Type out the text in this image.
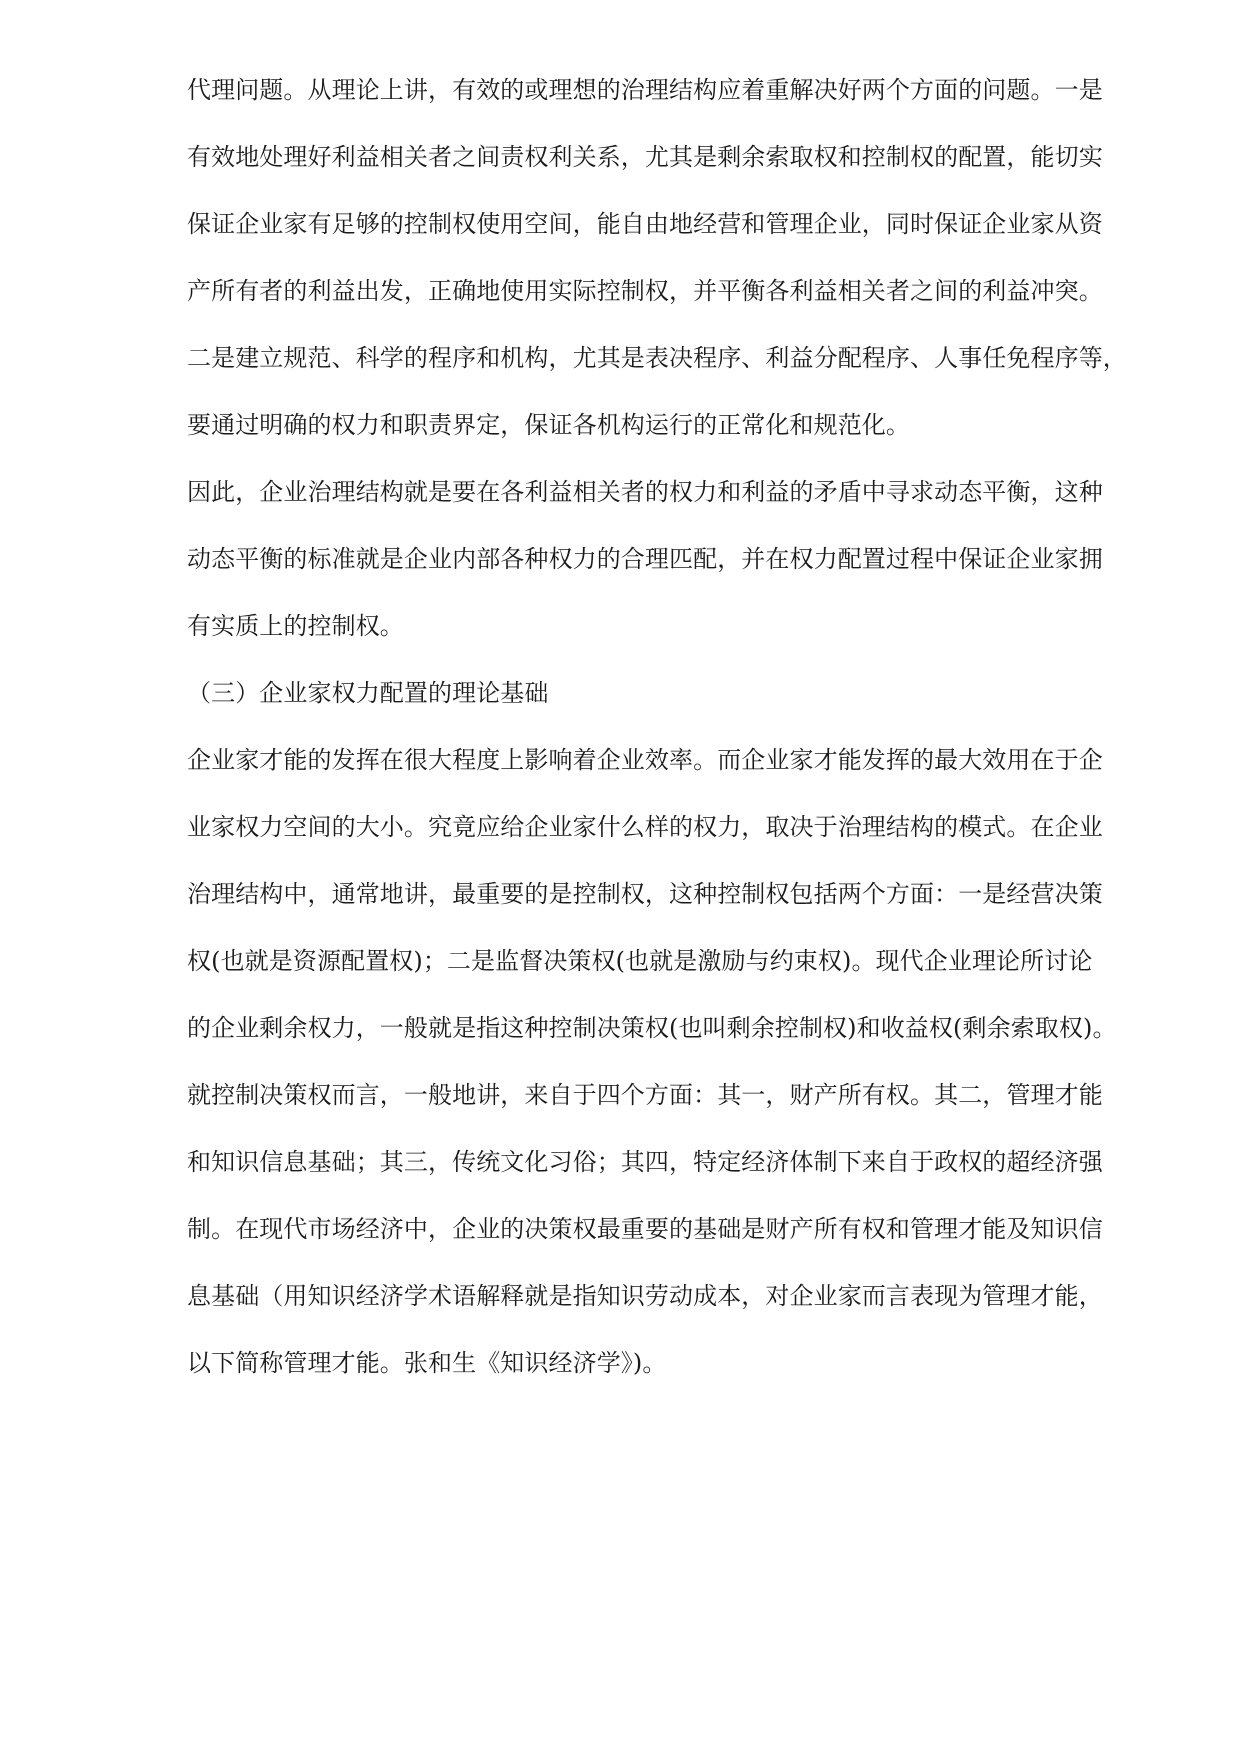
代理问题。从理论上讲，有效的或理想的治理结构应着重解决好两个方面的问题。一是

有效地处理好利益相关者之间责权利关系，尤其是剩余索取权和控制权的配置，能切实

保证企业家有足够的控制权使用空间，能自由地经营和管理企业，同时保证企业家从资

产所有者的利益出发，正确地使用实际控制权，并平衡各利益相关者之间的利益冲突。

二是建立规范、科学的程序和机构，尤其是表决程序、利益分配程序、人事任免程序等，

要通过明确的权力和职责界定，保证各机构运行的正常化和规范化。

因此，企业治理结构就是要在各利益相关者的权力和利益的矛盾中寻求动态平衡，这种

动态平衡的标准就是企业内部各种权力的合理匹配，并在权力配置过程中保证企业家拥

有实质上的控制权。

（三）企业家权力配置的理论基础

企业家才能的发挥在很大程度上影响着企业效率。而企业家才能发挥的最大效用在于企

业家权力空间的大小。究竟应给企业家什么样的权力，取决于治理结构的模式。在企业

治理结构中，通常地讲，最重要的是控制权，这种控制权包括两个方面：一是经营决策

权(也就是资源配置权)；二是监督决策权(也就是激励与约束权)。现代企业理论所讨论

的企业剩余权力，一般就是指这种控制决策权(也叫剩余控制权)和收益权(剩余索取权)。

就控制决策权而言，一般地讲，来自于四个方面：其一，财产所有权。其二，管理才能

和知识信息基础；其三，传统文化习俗；其四，特定经济体制下来自于政权的超经济强

制。在现代市场经济中，企业的决策权最重要的基础是财产所有权和管理才能及知识信

息基础（用知识经济学术语解释就是指知识劳动成本，对企业家而言表现为管理才能，

以下简称管理才能。张和生《知识经济学》)。
